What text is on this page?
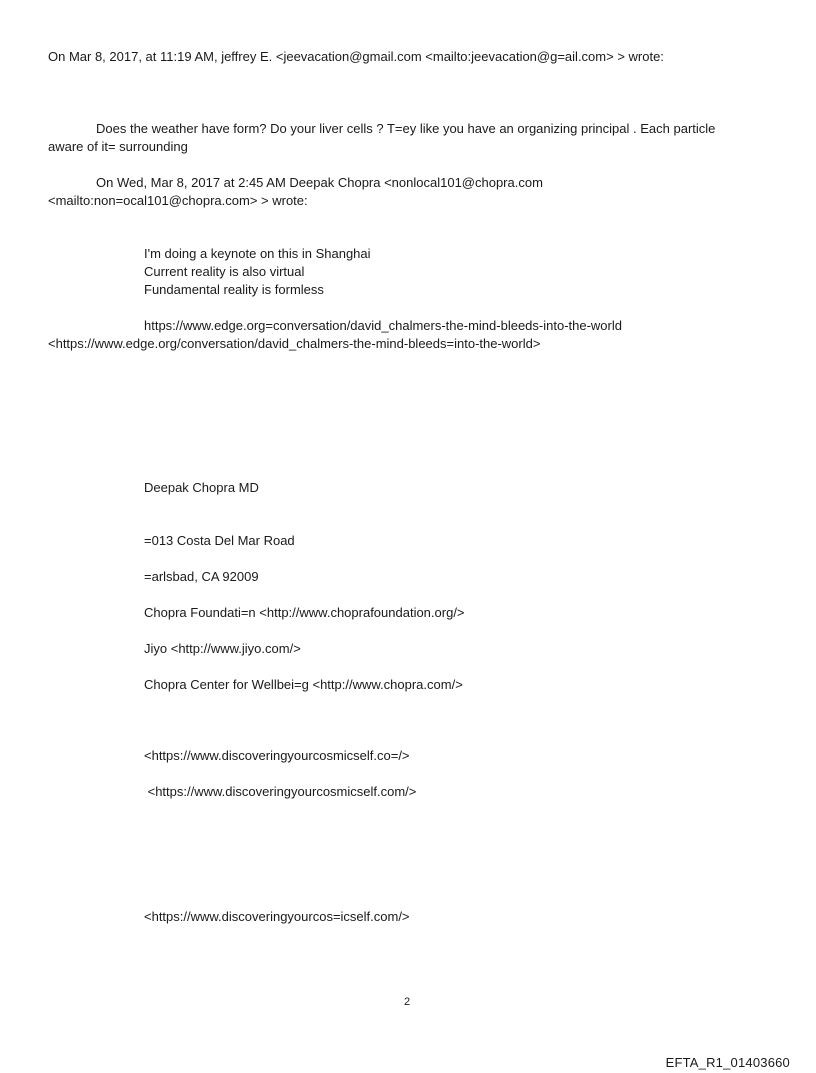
On Mar 8, 2017, at 11:19 AM, jeffrey E. <jeevacation@gmail.com <mailto:jeevacation@g=ail.com> > wrote:
Does the weather have form? Do your liver cells ? T=ey like you have an organizing principal . Each particle
aware of it= surrounding
On Wed, Mar 8, 2017 at 2:45 AM Deepak Chopra <nonlocal101@chopra.com
<mailto:non=ocal101@chopra.com> > wrote:
I'm doing a keynote on this in Shanghai
Current reality is also virtual
Fundamental reality is formless
https://www.edge.org=conversation/david_chalmers-the-mind-bleeds-into-the-world
<https://www.edge.org/conversation/david_chalmers-the-mind-bleeds=into-the-world>
Deepak Chopra MD
=013 Costa Del Mar Road
=arlsbad, CA 92009
Chopra Foundati=n <http://www.choprafoundation.org/>
Jiyo <http://www.jiyo.com/>
Chopra Center for Wellbei=g <http://www.chopra.com/>
<https://www.discoveringyourcosmicself.co=/>
<https://www.discoveringyourcosmicself.com/>
<https://www.discoveringyourcos=icself.com/>
2
EFTA_R1_01403660
